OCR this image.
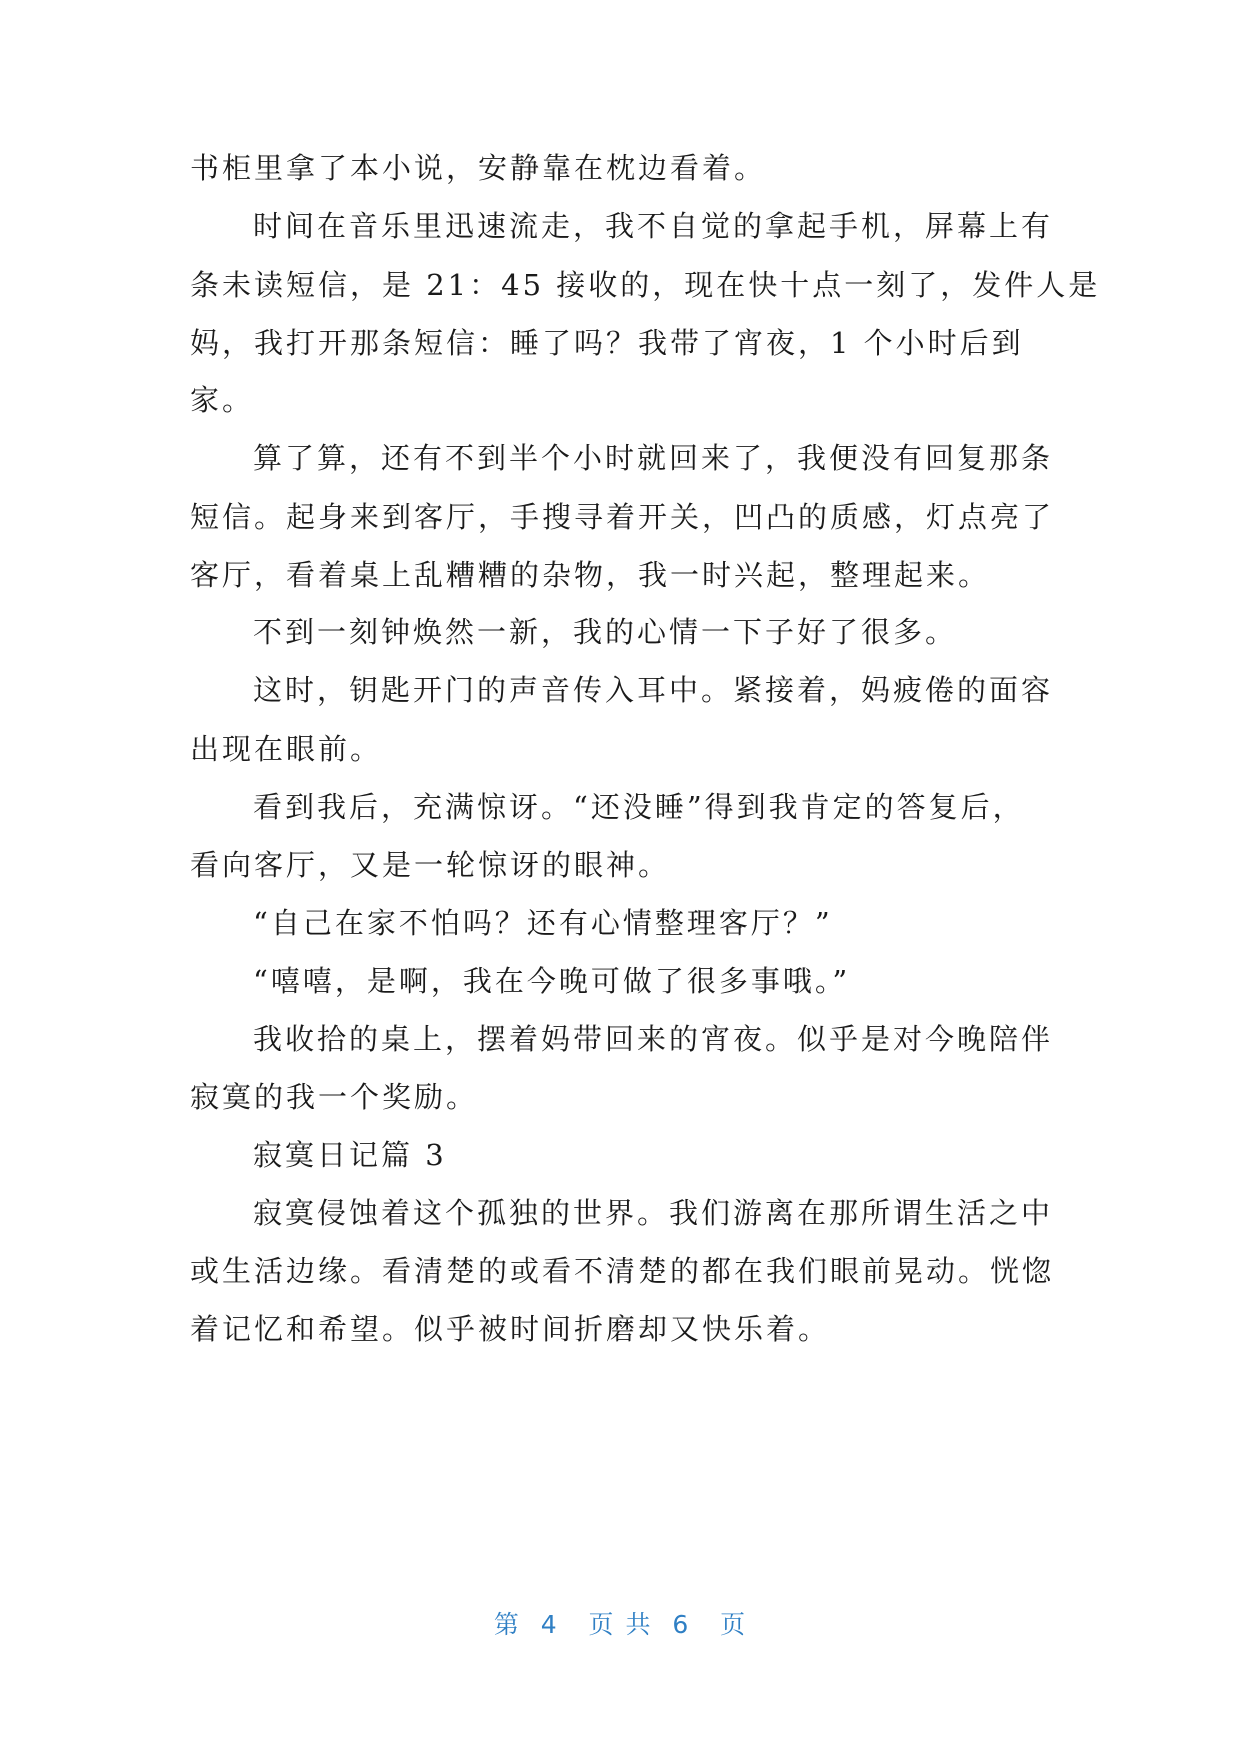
书柜里拿了本小说，安静靠在枕边看着。
时间在音乐里迅速流走，我不自觉的拿起手机，屏幕上有
条未读短信，是 21：45 接收的，现在快十点一刻了，发件人是
妈，我打开那条短信：睡了吗？我带了宵夜，1 个小时后到
家。
算了算，还有不到半个小时就回来了，我便没有回复那条
短信。起身来到客厅，手搜寻着开关，凹凸的质感，灯点亮了
客厅，看着桌上乱糟糟的杂物，我一时兴起，整理起来。
不到一刻钟焕然一新，我的心情一下子好了很多。
这时，钥匙开门的声音传入耳中。紧接着，妈疲倦的面容
出现在眼前。
看到我后，充满惊讶。“还没睡”得到我肯定的答复后，
看向客厅，又是一轮惊讶的眼神。
“自己在家不怕吗？还有心情整理客厅？”
“嘻嘻，是啊，我在今晚可做了很多事哦。”
我收拾的桌上，摆着妈带回来的宵夜。似乎是对今晚陪伴
寂寞的我一个奖励。
寂寞日记篇 3
寂寞侵蚀着这个孤独的世界。我们游离在那所谓生活之中
或生活边缘。看清楚的或看不清楚的都在我们眼前晃动。恍惚
着记忆和希望。似乎被时间折磨却又快乐着。
第  4   页 共  6   页
